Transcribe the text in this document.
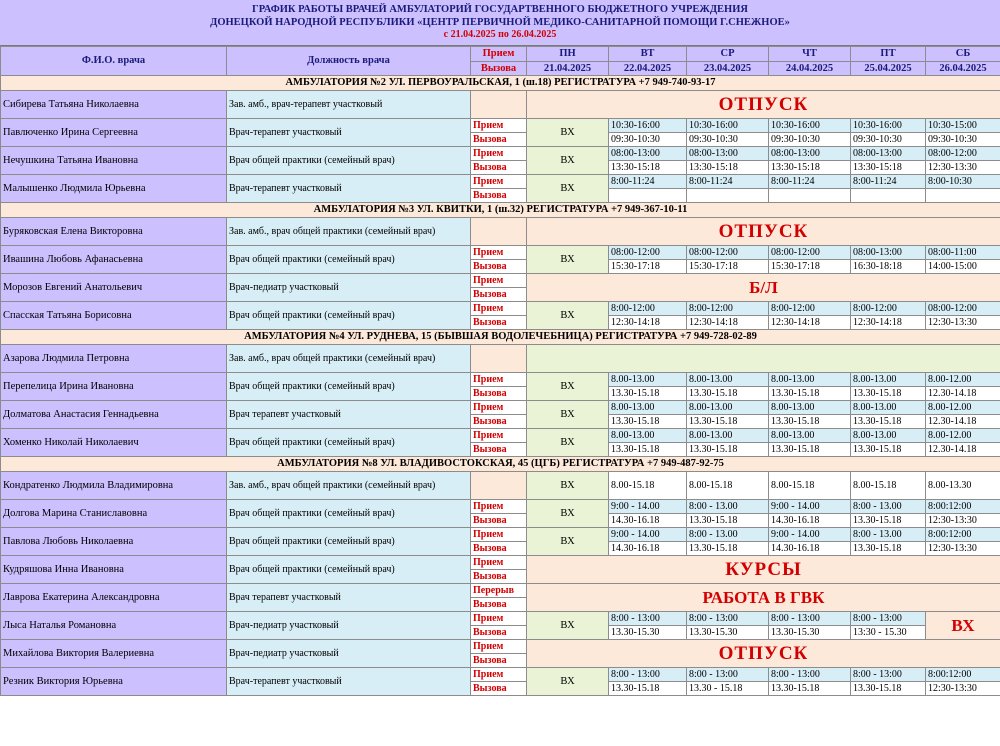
ГРАФИК РАБОТЫ ВРАЧЕЙ АМБУЛАТОРИЙ ГОСУДАРТВЕННОГО БЮДЖЕТНОГО УЧРЕЖДЕНИЯ
ДОНЕЦКОЙ НАРОДНОЙ РЕСПУБЛИКИ «ЦЕНТР ПЕРВИЧНОЙ МЕДИКО-САНИТАРНОЙ ПОМОЩИ Г.СНЕЖНОЕ»
с 21.04.2025 по 26.04.2025
Ф.И.О. врача	Должность врача	Прием	ПН	ВТ	СР	ЧТ	ПТ	СБ
		Вызова	21.04.2025	22.04.2025	23.04.2025	24.04.2025	25.04.2025	26.04.2025
АМБУЛАТОРИЯ №2 УЛ. ПЕРВОУРАЛЬСКАЯ, 1 (ш.18) РЕГИСТРАТУРА +7 949-740-93-17								
Сибирева Татьяна Николаевна	Зав. амб., врач-терапевт участковый		ОТПУСК					

Павлюченко Ирина Сергеевна	Врач-терапевт участковый	Прием	ВХ	10:30-16:00	10:30-16:00	10:30-16:00	10:30-16:00	10:30-15:00
		Вызова		09:30-10:30	09:30-10:30	09:30-10:30	09:30-10:30	09:30-10:30
Нечушкина Татьяна Ивановна	Врач общей практики (семейный врач)	Прием	ВХ	08:00-13:00	08:00-13:00	08:00-13:00	08:00-13:00	08:00-12:00
		Вызова		13:30-15:18	13:30-15:18	13:30-15:18	13:30-15:18	12:30-13:30
Малышенко Людмила Юрьевна	Врач-терапевт участковый	Прием	ВХ	8:00-11:24	8:00-11:24	8:00-11:24	8:00-11:24	8:00-10:30
		Вызова						
АМБУЛАТОРИЯ №3 УЛ. КВИТКИ, 1 (ш.32) РЕГИСТРАТУРА +7 949-367-10-11								
Буряковская Елена Викторовна	Зав. амб., врач общей практики (семейный врач)		ОТПУСК					

Ивашина Любовь Афанасьевна	Врач общей практики (семейный врач)	Прием	ВХ	08:00-12:00	08:00-12:00	08:00-12:00	08:00-13:00	08:00-11:00
		Вызова		15:30-17:18	15:30-17:18	15:30-17:18	16:30-18:18	14:00-15:00
Морозов Евгений Анатольевич	Врач-педиатр участковый	Прием	Б/Л					
		Вызова						
Спасская Татьяна Борисовна	Врач общей практики (семейный врач)	Прием	ВХ	8:00-12:00	8:00-12:00	8:00-12:00	8:00-12:00	08:00-12:00
		Вызова		12:30-14:18	12:30-14:18	12:30-14:18	12:30-14:18	12:30-13:30
АМБУЛАТОРИЯ №4 УЛ. РУДНЕВА, 15 (БЫВШАЯ ВОДОЛЕЧЕБНИЦА) РЕГИСТРАТУРА +7 949-728-02-89								
Азарова Людмила Петровна	Зав. амб., врач общей практики (семейный врач)							

Перепелица Ирина Ивановна	Врач общей практики (семейный врач)	Прием	ВХ	8.00-13.00	8.00-13.00	8.00-13.00	8.00-13.00	8.00-12.00
		Вызова		13.30-15.18	13.30-15.18	13.30-15.18	13.30-15.18	12.30-14.18
Долматова Анастасия Геннадьевна	Врач терапевт участковый	Прием	ВХ	8.00-13.00	8.00-13.00	8.00-13.00	8.00-13.00	8.00-12.00
		Вызова		13.30-15.18	13.30-15.18	13.30-15.18	13.30-15.18	12.30-14.18
Хоменко Николай Николаевич	Врач общей практики (семейный врач)	Прием	ВХ	8.00-13.00	8.00-13.00	8.00-13.00	8.00-13.00	8.00-12.00
		Вызова		13.30-15.18	13.30-15.18	13.30-15.18	13.30-15.18	12.30-14.18
АМБУЛАТОРИЯ №8 УЛ. ВЛАДИВОСТОКСКАЯ, 45 (ЦГБ) РЕГИСТРАТУРА +7 949-487-92-75								
Кондратенко Людмила Владимировна	Зав. амб., врач общей практики (семейный врач)		ВХ	8.00-15.18	8.00-15.18	8.00-15.18	8.00-15.18	8.00-13.30

Долгова Марина Станиславовна	Врач общей практики (семейный врач)	Прием	ВХ	9:00 - 14.00	8:00 - 13.00	9:00 - 14.00	8:00 - 13.00	8:00:12:00
		Вызова		14.30-16.18	13.30-15.18	14.30-16.18	13.30-15.18	12:30-13:30
Павлова Любовь Николаевна	Врач общей практики (семейный врач)	Прием	ВХ	9:00 - 14.00	8:00 - 13.00	9:00 - 14.00	8:00 - 13.00	8:00:12:00
		Вызова		14.30-16.18	13.30-15.18	14.30-16.18	13.30-15.18	12:30-13:30
Кудряшова Инна Ивановна	Врач общей практики (семейный врач)	Прием	КУРСЫ					
		Вызова						
Лаврова Екатерина Александровна	Врач терапевт участковый	Перерыв	РАБОТА В ГВК					
		Вызова						
Лыса Наталья Романовна	Врач-педиатр участковый	Прием	ВХ	8:00 - 13:00	8:00 - 13:00	8:00 - 13:00	8:00 - 13:00	ВХ
		Вызова		13.30-15.30	13.30-15.30	13.30-15.30	13:30 - 15.30	
Михайлова Виктория Валериевна	Врач-педиатр участковый	Прием	ОТПУСК					
		Вызова						
Резник Виктория Юрьевна	Врач-терапевт участковый	Прием	ВХ	8:00 - 13:00	8:00 - 13:00	8:00 - 13:00	8:00 - 13:00	8:00:12:00
		Вызова		13.30-15.18	13.30 - 15.18	13.30-15.18	13.30-15.18	12:30-13:30
